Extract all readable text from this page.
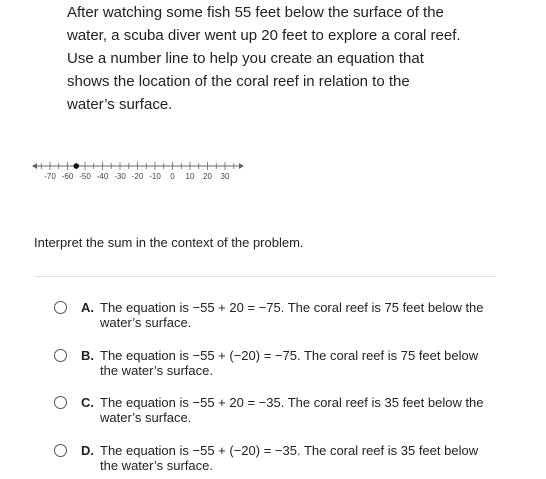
After watching some fish 55 feet below the surface of the
water, a scuba diver went up 20 feet to explore a coral reef.
Use a number line to help you create an equation that
shows the location of the coral reef in relation to the
water’s surface.
-70 -60 -50 -40 -30 -20 -10 0 10 20 30
Interpret the sum in the context of the problem.
A. The equation is −55 + 20 = −75. The coral reef is 75 feet below the
water’s surface.
B. The equation is −55 + (−20) = −75. The coral reef is 75 feet below
the water’s surface.
C. The equation is −55 + 20 = −35. The coral reef is 35 feet below the
water’s surface.
D. The equation is −55 + (−20) = −35. The coral reef is 35 feet below
the water’s surface.
